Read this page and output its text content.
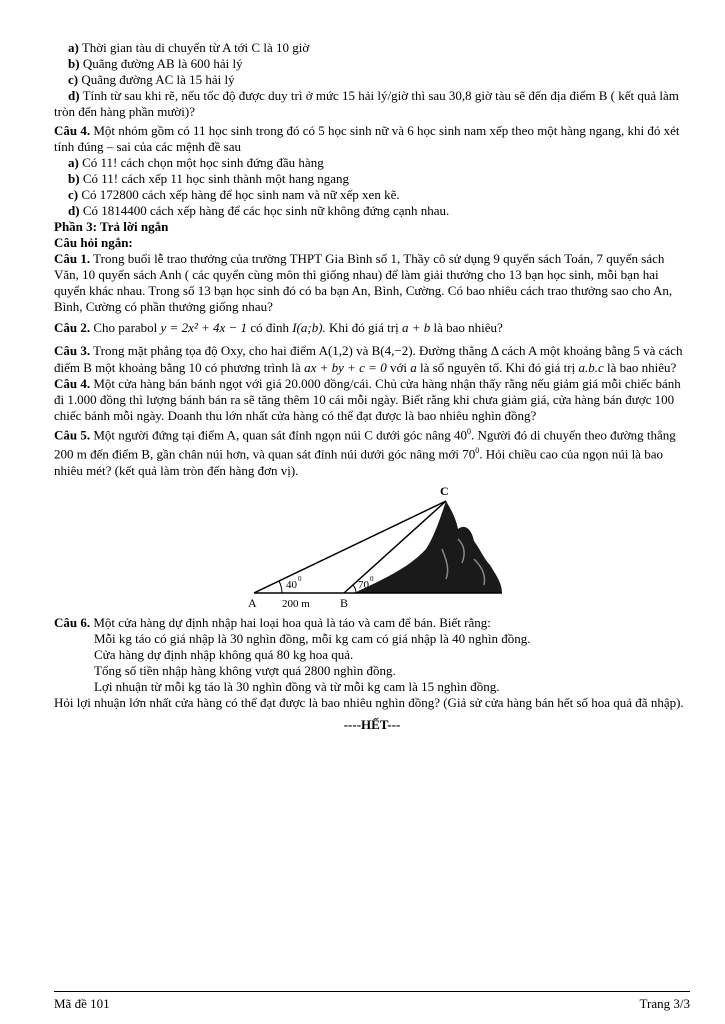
a) Thời gian tàu di chuyển từ A tới C là 10 giờ
b) Quãng đường AB là 600 hải lý
c) Quãng đường AC là 15 hải lý
d) Tính từ sau khi rẽ, nếu tốc độ được duy trì ở mức 15 hải lý/giờ thì sau 30,8 giờ tàu sẽ đến địa điểm B ( kết quả làm tròn đến hàng phần mười)?
Câu 4. Một nhóm gồm có 11 học sinh trong đó có 5 học sinh nữ và 6 học sinh nam xếp theo một hàng ngang, khi đó xét tính đúng – sai của các mệnh đề sau
a) Có 11! cách chọn một học sinh đứng đầu hàng
b) Có 11! cách xếp 11 học sinh thành một hang ngang
c) Có 172800 cách xếp hàng để học sinh nam và nữ xếp xen kẽ.
d) Có 1814400 cách xếp hàng để các học sinh nữ không đứng cạnh nhau.
Phần 3: Trả lời ngắn
Câu hỏi ngắn:
Câu 1. Trong buổi lễ trao thưởng của trường THPT Gia Bình số 1, Thầy cô sử dụng 9 quyển sách Toán, 7 quyển sách Văn, 10 quyển sách Anh ( các quyển cùng môn thì giống nhau) để làm giải thưởng cho 13 bạn học sinh, mỗi bạn hai quyển khác nhau. Trong số 13 bạn học sinh đó có ba bạn An, Bình, Cường. Có bao nhiêu cách trao thưởng sao cho An, Bình, Cường có phần thưởng giống nhau?
Câu 2. Cho parabol y = 2x² + 4x − 1 có đỉnh I(a;b). Khi đó giá trị a + b là bao nhiêu?
Câu 3. Trong mặt phẳng tọa độ Oxy, cho hai điểm A(1,2) và B(4,−2). Đường thẳng Δ cách A một khoảng bằng 5 và cách điểm B một khoảng bằng 10 có phương trình là ax + by + c = 0 với a là số nguyên tố. Khi đó giá trị a.b.c là bao nhiêu?
Câu 4. Một cửa hàng bán bánh ngọt với giá 20.000 đồng/cái. Chủ cửa hàng nhận thấy rằng nếu giảm giá mỗi chiếc bánh đi 1.000 đồng thì lượng bánh bán ra sẽ tăng thêm 10 cái mỗi ngày. Biết rằng khi chưa giảm giá, cửa hàng bán được 100 chiếc bánh mỗi ngày. Doanh thu lớn nhất cửa hàng có thể đạt được là bao nhiêu nghìn đồng?
Câu 5. Một người đứng tại điểm A, quan sát đỉnh ngọn núi C dưới góc nâng $40^0$. Người đó di chuyển theo đường thẳng 200 m đến điểm B, gần chân núi hơn, và quan sát đỉnh núi dưới góc nâng mới $70^0$. Hỏi chiều cao của ngọn núi là bao nhiêu mét? (kết quả làm tròn đến hàng đơn vị).
C
A	B
40 0	70 0
200 m
Câu 6. Một cửa hàng dự định nhập hai loại hoa quả là táo và cam để bán. Biết rằng:
Mỗi kg táo có giá nhập là 30 nghìn đồng, mỗi kg cam có giá nhập là 40 nghìn đồng.
Cửa hàng dự định nhập không quá 80 kg hoa quả.
Tổng số tiền nhập hàng không vượt quá 2800 nghìn đồng.
Lợi nhuận từ mỗi kg táo là 30 nghìn đồng và từ mỗi kg cam là 15 nghìn đồng.
Hỏi lợi nhuận lớn nhất cửa hàng có thể đạt được là bao nhiêu nghìn đồng? (Giả sử cửa hàng bán hết số hoa quả đã nhập).
----HẾT---
Mã đề 101	Trang 3/3
